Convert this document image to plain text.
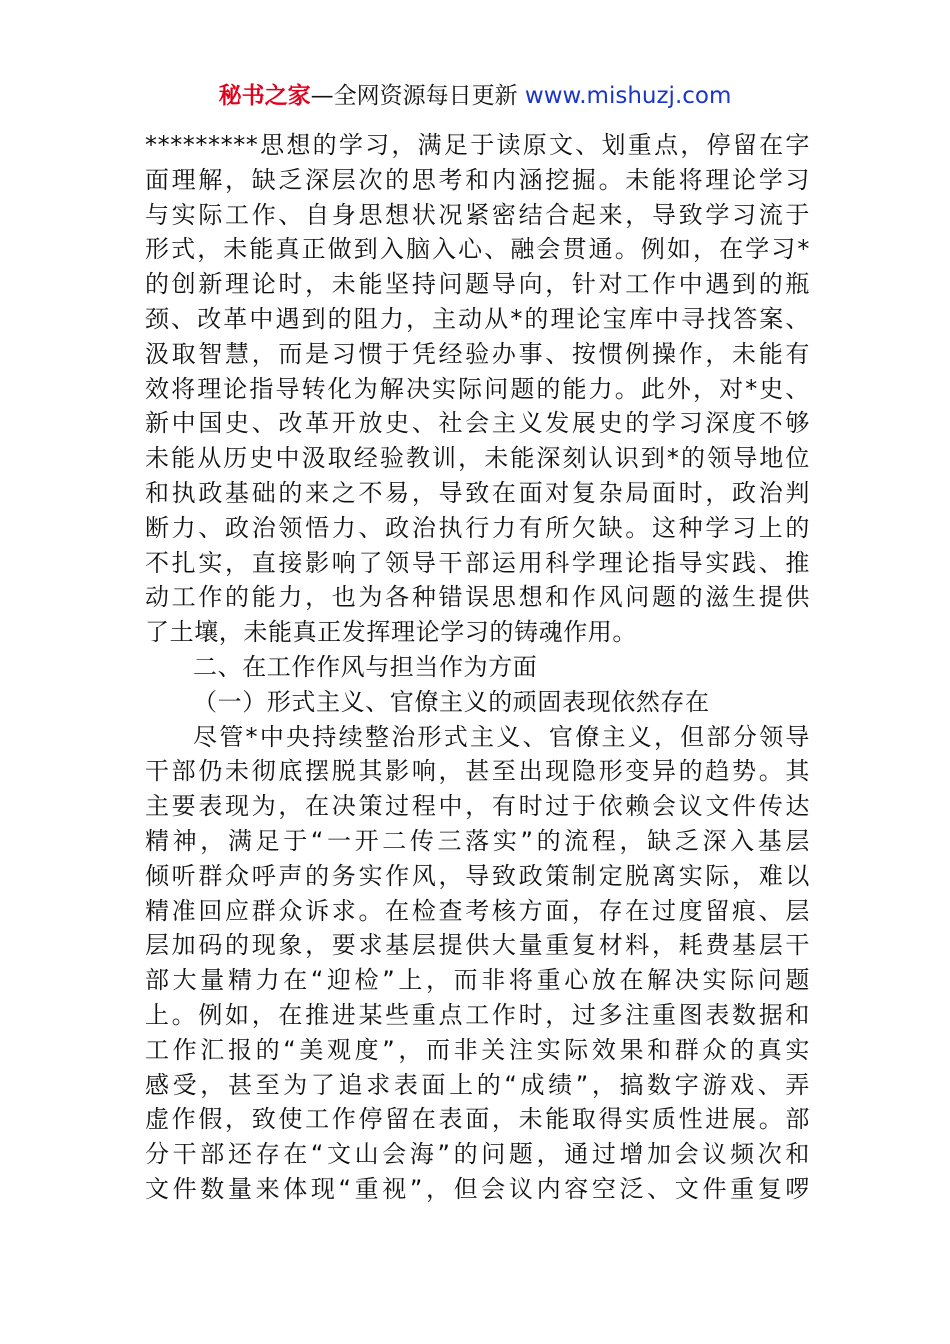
秘书之家—全网资源每日更新 www.mishuzj.com
*********思想的学习，满足于读原文、划重点，停留在字
面理解，缺乏深层次的思考和内涵挖掘。未能将理论学习
与实际工作、自身思想状况紧密结合起来，导致学习流于
形式，未能真正做到入脑入心、融会贯通。例如，在学习*
的创新理论时，未能坚持问题导向，针对工作中遇到的瓶
颈、改革中遇到的阻力，主动从*的理论宝库中寻找答案、
汲取智慧，而是习惯于凭经验办事、按惯例操作，未能有
效将理论指导转化为解决实际问题的能力。此外，对*史、
新中国史、改革开放史、社会主义发展史的学习深度不够
未能从历史中汲取经验教训，未能深刻认识到*的领导地位
和执政基础的来之不易，导致在面对复杂局面时，政治判
断力、政治领悟力、政治执行力有所欠缺。这种学习上的
不扎实，直接影响了领导干部运用科学理论指导实践、推
动工作的能力，也为各种错误思想和作风问题的滋生提供
了土壤，未能真正发挥理论学习的铸魂作用。
二、在工作作风与担当作为方面
（一）形式主义、官僚主义的顽固表现依然存在
尽管*中央持续整治形式主义、官僚主义，但部分领导
干部仍未彻底摆脱其影响，甚至出现隐形变异的趋势。其
主要表现为，在决策过程中，有时过于依赖会议文件传达
精神，满足于“一开二传三落实”的流程，缺乏深入基层
倾听群众呼声的务实作风，导致政策制定脱离实际，难以
精准回应群众诉求。在检查考核方面，存在过度留痕、层
层加码的现象，要求基层提供大量重复材料，耗费基层干
部大量精力在“迎检”上，而非将重心放在解决实际问题
上。例如，在推进某些重点工作时，过多注重图表数据和
工作汇报的“美观度”，而非关注实际效果和群众的真实
感受，甚至为了追求表面上的“成绩”，搞数字游戏、弄
虚作假，致使工作停留在表面，未能取得实质性进展。部
分干部还存在“文山会海”的问题，通过增加会议频次和
文件数量来体现“重视”，但会议内容空泛、文件重复啰
